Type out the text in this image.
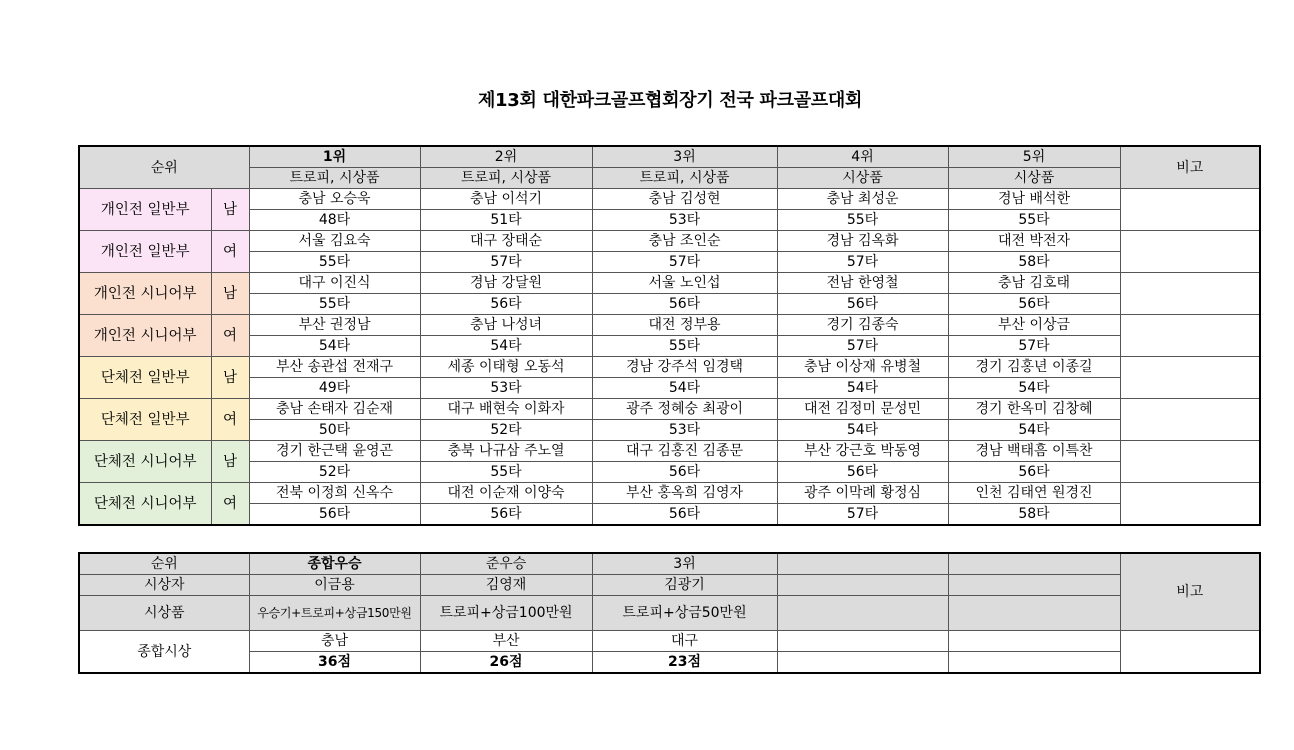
제13회 대한파크골프협회장기 전국 파크골프대회
순위		1위	2위	3위	4위	5위	비고
		트로피, 시상품	트로피, 시상품	트로피, 시상품	시상품	시상품	
개인전 일반부	남	충남 오승욱	충남 이석기	충남 김성현	충남 최성운	경남 배석한	
		48타	51타	53타	55타	55타	
개인전 일반부	여	서울 김요숙	대구 장태순	충남 조인순	경남 김옥화	대전 박전자	
		55타	57타	57타	57타	58타	
개인전 시니어부	남	대구 이진식	경남 강달원	서울 노인섭	전남 한영철	충남 김호태	
		55타	56타	56타	56타	56타	
개인전 시니어부	여	부산 권정남	충남 나성녀	대전 정부용	경기 김종숙	부산 이상금	
		54타	54타	55타	57타	57타	
단체전 일반부	남	부산 송관섭 전재구	세종 이태형 오동석	경남 강주석 임경택	충남 이상재 유병철	경기 김홍년 이종길	
		49타	53타	54타	54타	54타	
단체전 일반부	여	충남 손태자 김순재	대구 배현숙 이화자	광주 정혜숭 최광이	대전 김정미 문성민	경기 한옥미 김창혜	
		50타	52타	53타	54타	54타	
단체전 시니어부	남	경기 한근택 윤영곤	충북 나규삼 주노열	대구 김홍진 김종문	부산 강근호 박동영	경남 백태흠 이특찬	
		52타	55타	56타	56타	56타	
단체전 시니어부	여	전북 이정희 신옥수	대전 이순재 이양숙	부산 홍옥희 김영자	광주 이막례 황정심	인천 김태연 원경진	
		56타	56타	56타	57타	58타	
순위	종합우승	준우승	3위			비고
시상자	이금용	김영재	김광기			
시상품	우승기+트로피+상금150만원	트로피+상금100만원	트로피+상금50만원			
종합시상	충남	부산	대구			
	36점	26점	23점			
